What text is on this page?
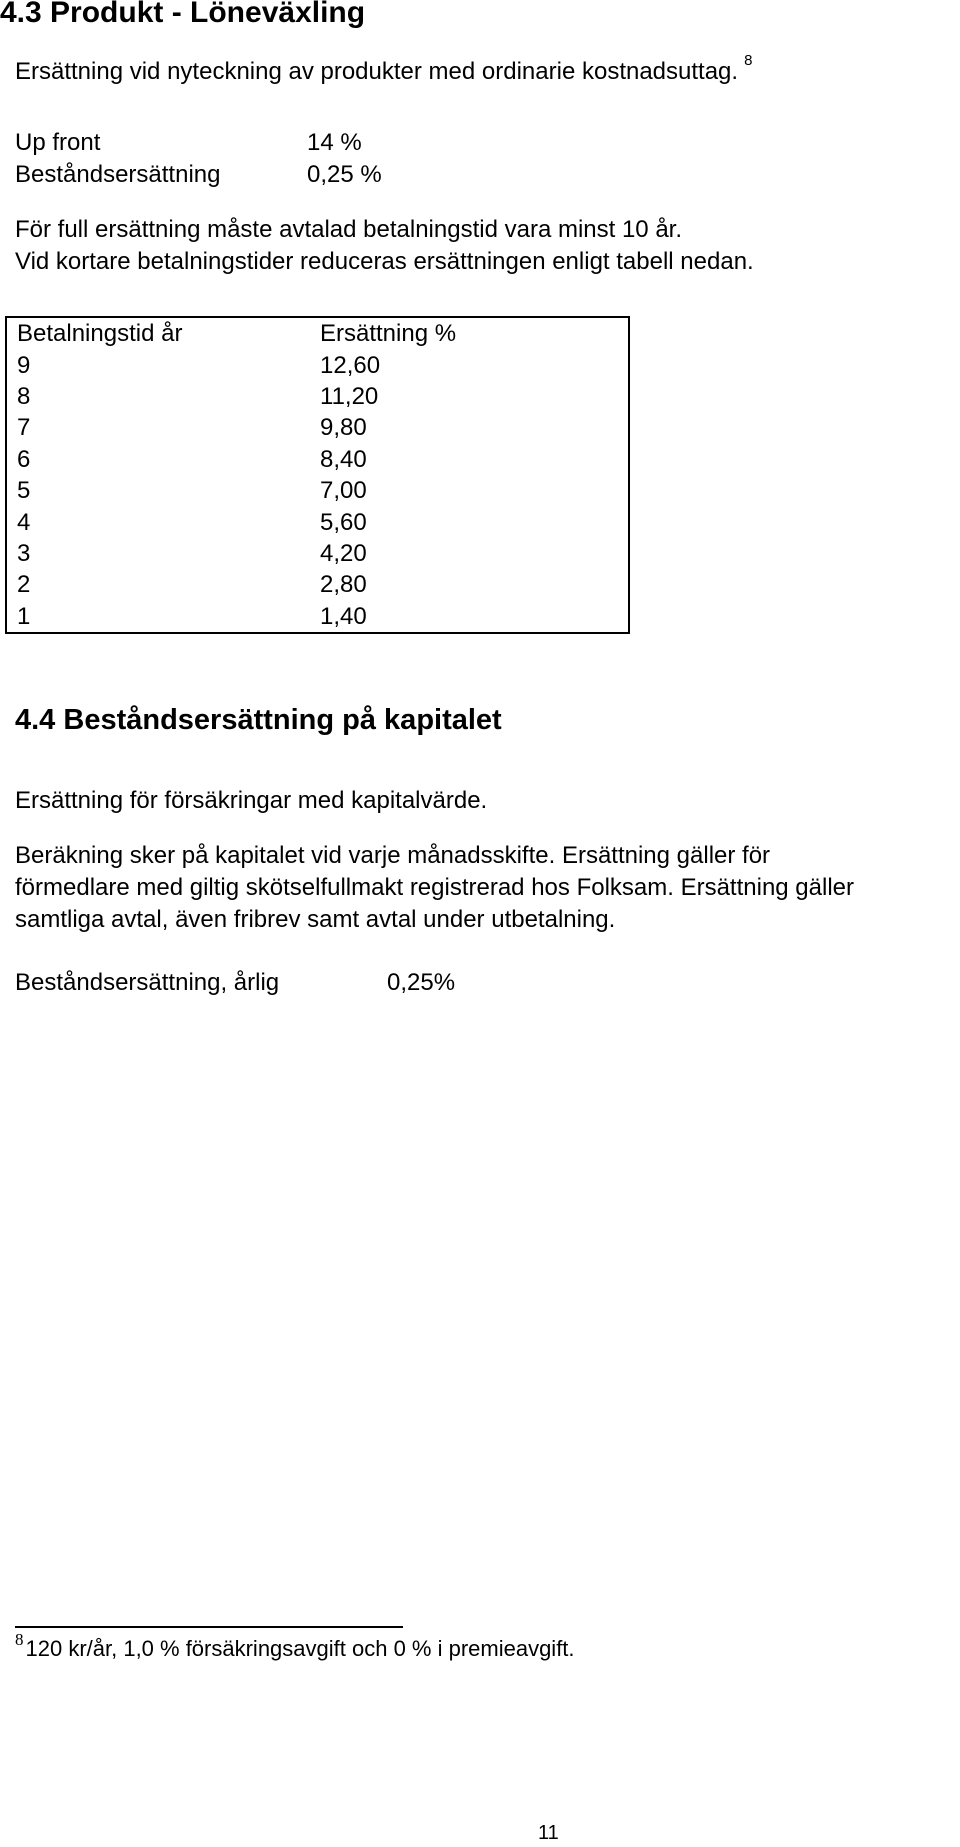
4.3 Produkt - Löneväxling
Ersättning vid nyteckning av produkter med ordinarie kostnadsuttag. $^8$
Up front	14 %
Beståndsersättning	0,25 %
För full ersättning måste avtalad betalningstid vara minst 10 år.
Vid kortare betalningstider reduceras ersättningen enligt tabell nedan.
Betalningstid år	Ersättning %
9	12,60
8	11,20
7	9,80
6	8,40
5	7,00
4	5,60
3	4,20
2	2,80
1	1,40
4.4 Beståndsersättning på kapitalet
Ersättning för försäkringar med kapitalvärde.
Beräkning sker på kapitalet vid varje månadsskifte. Ersättning gäller för
förmedlare med giltig skötselfullmakt registrerad hos Folksam. Ersättning gäller
samtliga avtal, även fribrev samt avtal under utbetalning.
Beståndsersättning, årlig	0,25%
$^8$120 kr/år, 1,0 % försäkringsavgift och 0 % i premieavgift.
11
